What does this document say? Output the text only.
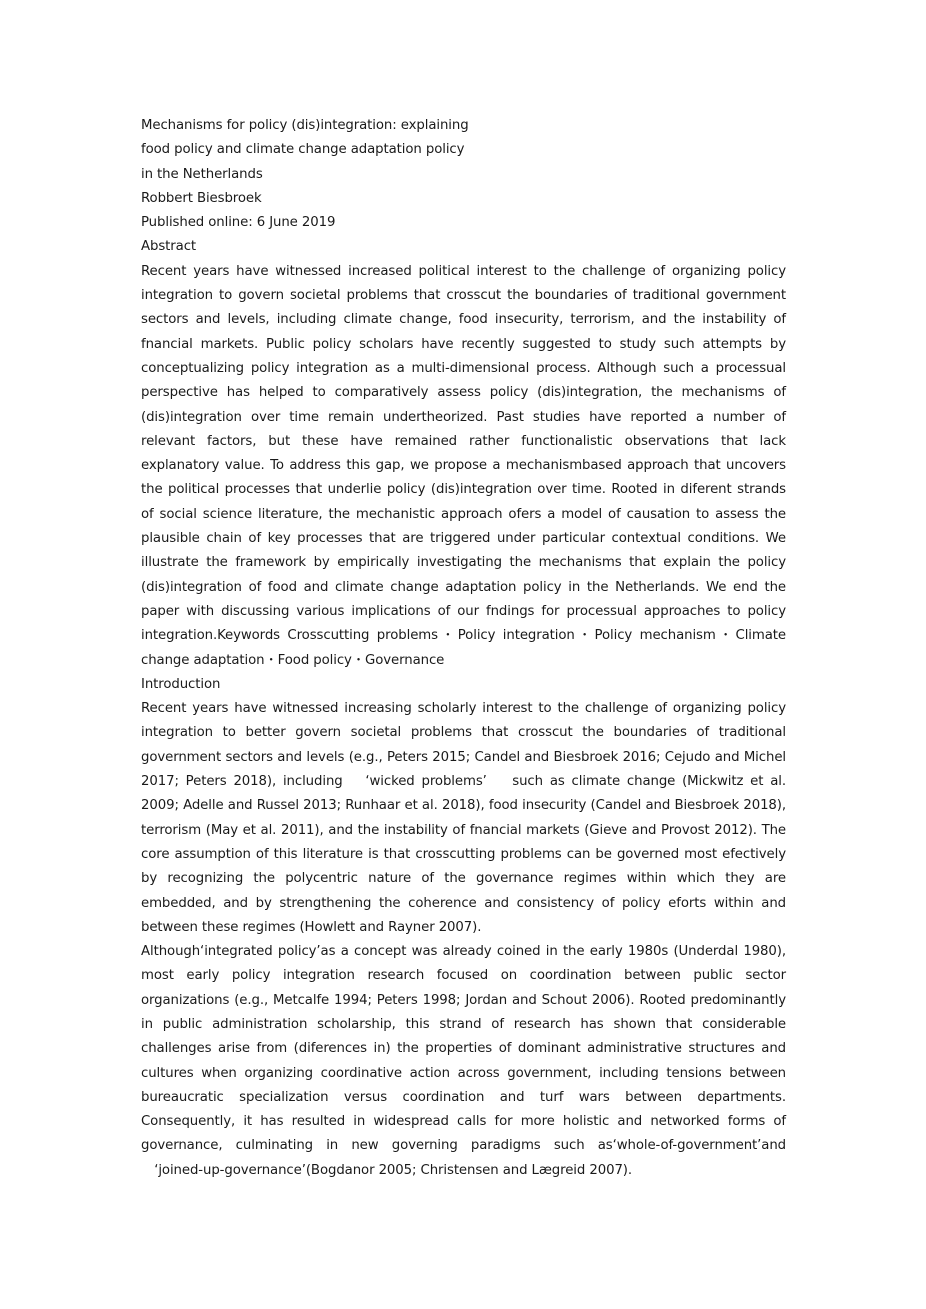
Mechanisms for policy (dis)integration: explaining
food policy and climate change adaptation policy
in the Netherlands
Robbert Biesbroek
Published online: 6 June 2019
Abstract

Recent years have witnessed increased political interest to the challenge of organizing policy integration to govern societal problems that crosscut the boundaries of traditional government sectors and levels, including climate change, food insecurity, terrorism, and the instability of fnancial markets. Public policy scholars have recently suggested to study such attempts by conceptualizing policy integration as a multi-dimensional process. Although such a processual perspective has helped to comparatively assess policy (dis)integration, the mechanisms of (dis)integration over time remain undertheorized. Past studies have reported a number of relevant factors, but these have remained rather functionalistic observations that lack explanatory value. To address this gap, we propose a mechanismbased approach that uncovers the political processes that underlie policy (dis)integration over time. Rooted in diferent strands of social science literature, the mechanistic approach ofers a model of causation to assess the plausible chain of key processes that are triggered under particular contextual conditions. We illustrate the framework by empirically investigating the mechanisms that explain the policy (dis)integration of food and climate change adaptation policy in the Netherlands. We end the paper with discussing various implications of our fndings for processual approaches to policy integration.Keywords Crosscutting problems・Policy integration・Policy mechanism・Climate change adaptation・Food policy・Governance

Introduction

Recent years have witnessed increasing scholarly interest to the challenge of organizing policy integration to better govern societal problems that crosscut the boundaries of traditional government sectors and levels (e.g., Peters 2015; Candel and Biesbroek 2016; Cejudo and Michel 2017; Peters 2018), including 　‘wicked problems’　 such as climate change (Mickwitz et al. 2009; Adelle and Russel 2013; Runhaar et al. 2018), food insecurity (Candel and Biesbroek 2018), terrorism (May et al. 2011), and the instability of fnancial markets (Gieve and Provost 2012). The core assumption of this literature is that crosscutting problems can be governed most efectively by recognizing the polycentric nature of the governance regimes within which they are embedded, and by strengthening the coherence and consistency of policy eforts within and between these regimes (Howlett and Rayner 2007).

Although‘integrated policy’as a concept was already coined in the early 1980s (Underdal 1980), most early policy integration research focused on coordination between public sector organizations (e.g., Metcalfe 1994; Peters 1998; Jordan and Schout 2006). Rooted predominantly in public administration scholarship, this strand of research has shown that considerable challenges arise from (diferences in) the properties of dominant administrative structures and cultures when organizing coordinative action across government, including tensions between bureaucratic specialization versus coordination and turf wars between departments. Consequently, it has resulted in widespread calls for more holistic and networked forms of governance, culminating in new governing paradigms such as‘whole-of-government’and 　‘joined-up-governance’(Bogdanor 2005; Christensen and Lægreid 2007).
